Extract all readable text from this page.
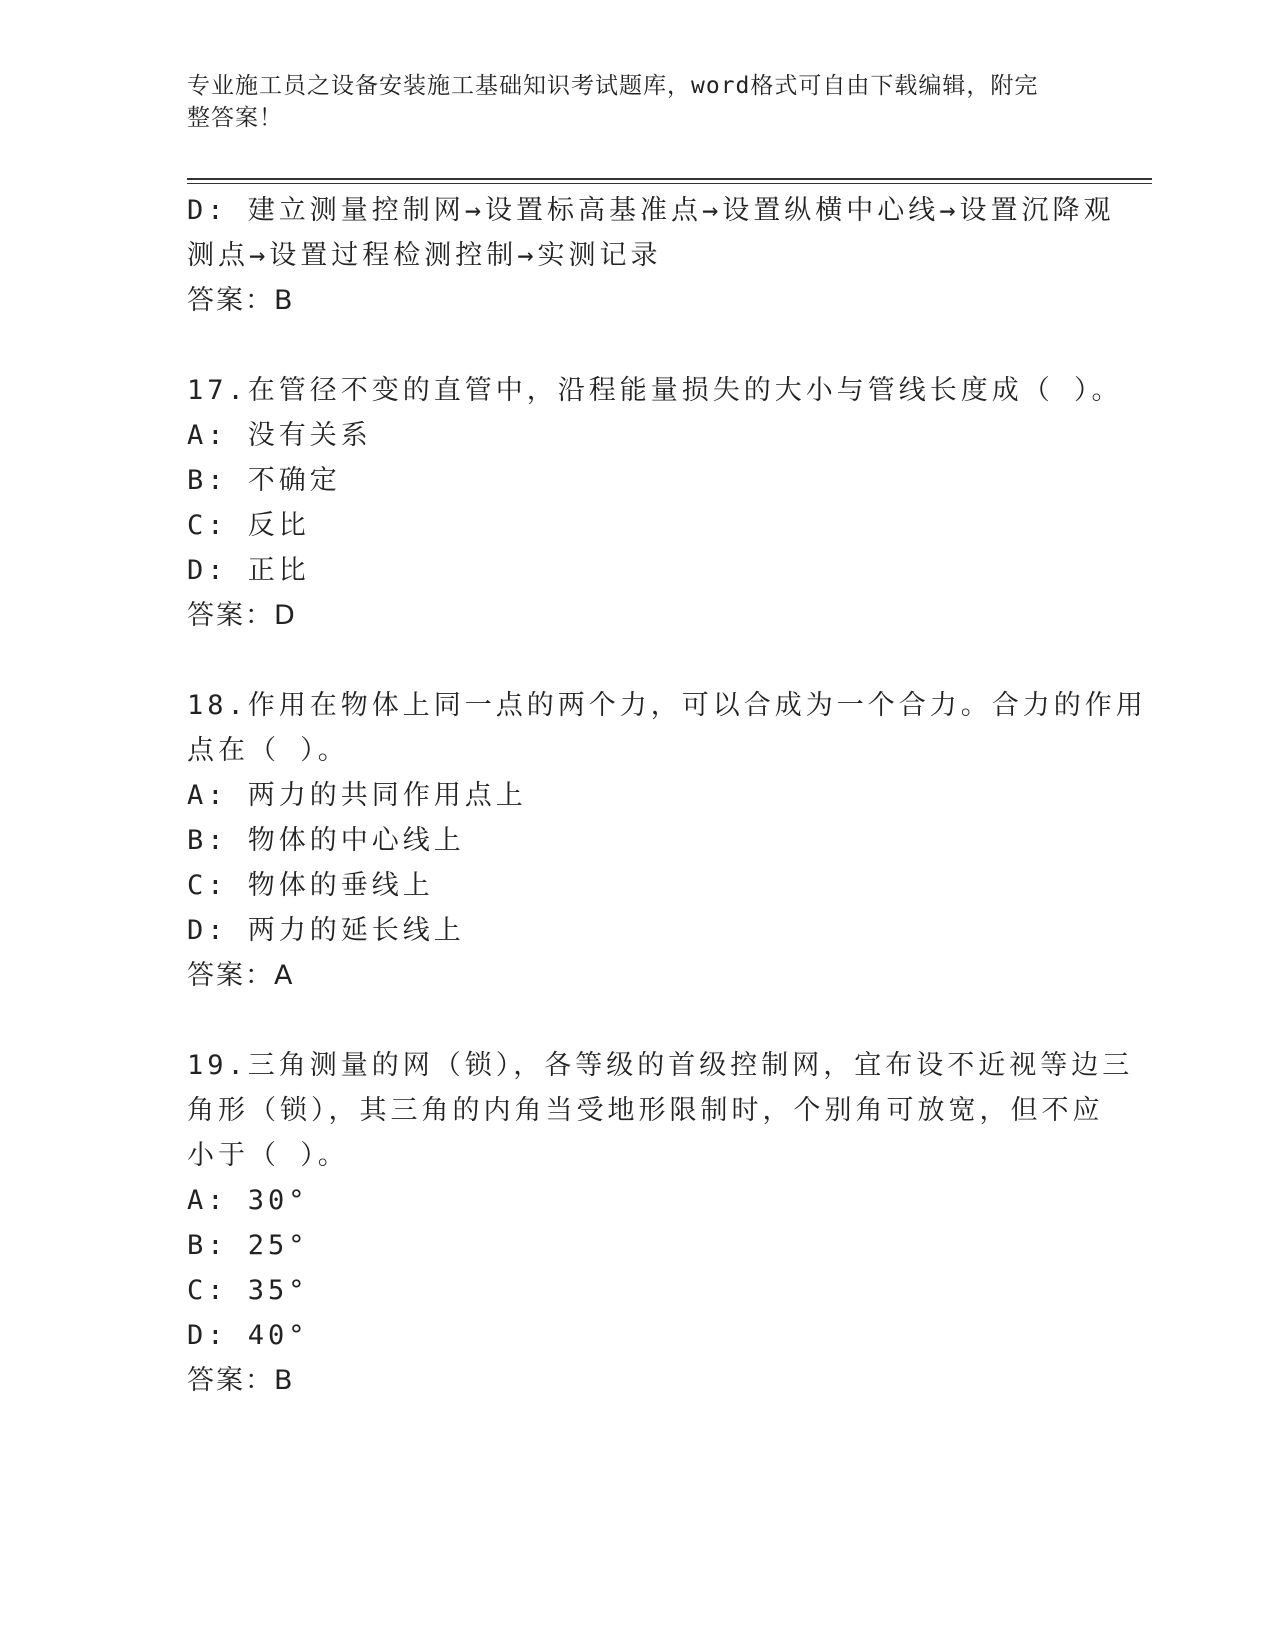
专业施工员之设备安装施工基础知识考试题库，word格式可自由下载编辑，附完
整答案！
D: 建立测量控制网→设置标高基准点→设置纵横中心线→设置沉降观
测点→设置过程检测控制→实测记录
答案：B
17.在管径不变的直管中，沿程能量损失的大小与管线长度成（ ）。
A: 没有关系
B: 不确定
C: 反比
D: 正比
答案：D
18.作用在物体上同一点的两个力，可以合成为一个合力。合力的作用
点在（ ）。
A: 两力的共同作用点上
B: 物体的中心线上
C: 物体的垂线上
D: 两力的延长线上
答案：A
19.三角测量的网（锁），各等级的首级控制网，宜布设不近视等边三
角形（锁），其三角的内角当受地形限制时，个别角可放宽，但不应
小于（ ）。
A: 30°
B: 25°
C: 35°
D: 40°
答案：B
